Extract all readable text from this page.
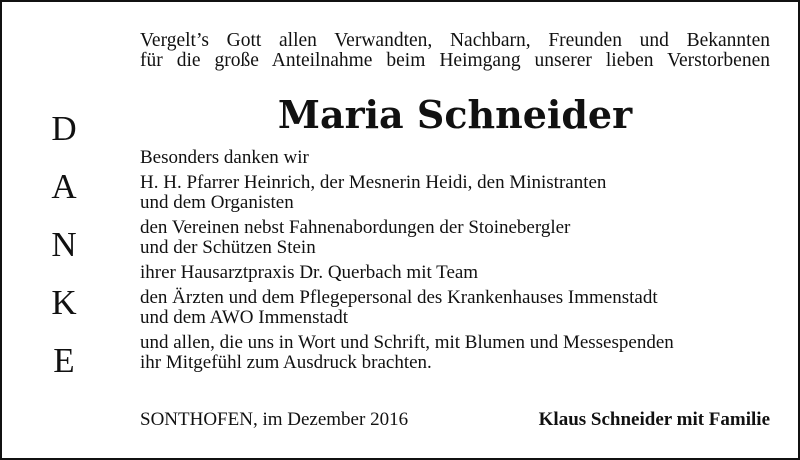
D
A
N
K
E
Vergelt’s Gott allen Verwandten, Nachbarn, Freunden und Bekannten
für die große Anteilnahme beim Heimgang unserer lieben Verstorbenen
Maria Schneider
Besonders danken wir
H. H. Pfarrer Heinrich, der Mesnerin Heidi, den Ministranten
und dem Organisten
den Vereinen nebst Fahnenabordungen der Stoinebergler
und der Schützen Stein
ihrer Hausarztpraxis Dr. Querbach mit Team
den Ärzten und dem Pflegepersonal des Krankenhauses Immenstadt
und dem AWO Immenstadt
und allen, die uns in Wort und Schrift, mit Blumen und Messespenden
ihr Mitgefühl zum Ausdruck brachten.
SONTHOFEN, im Dezember 2016	Klaus Schneider mit Familie
